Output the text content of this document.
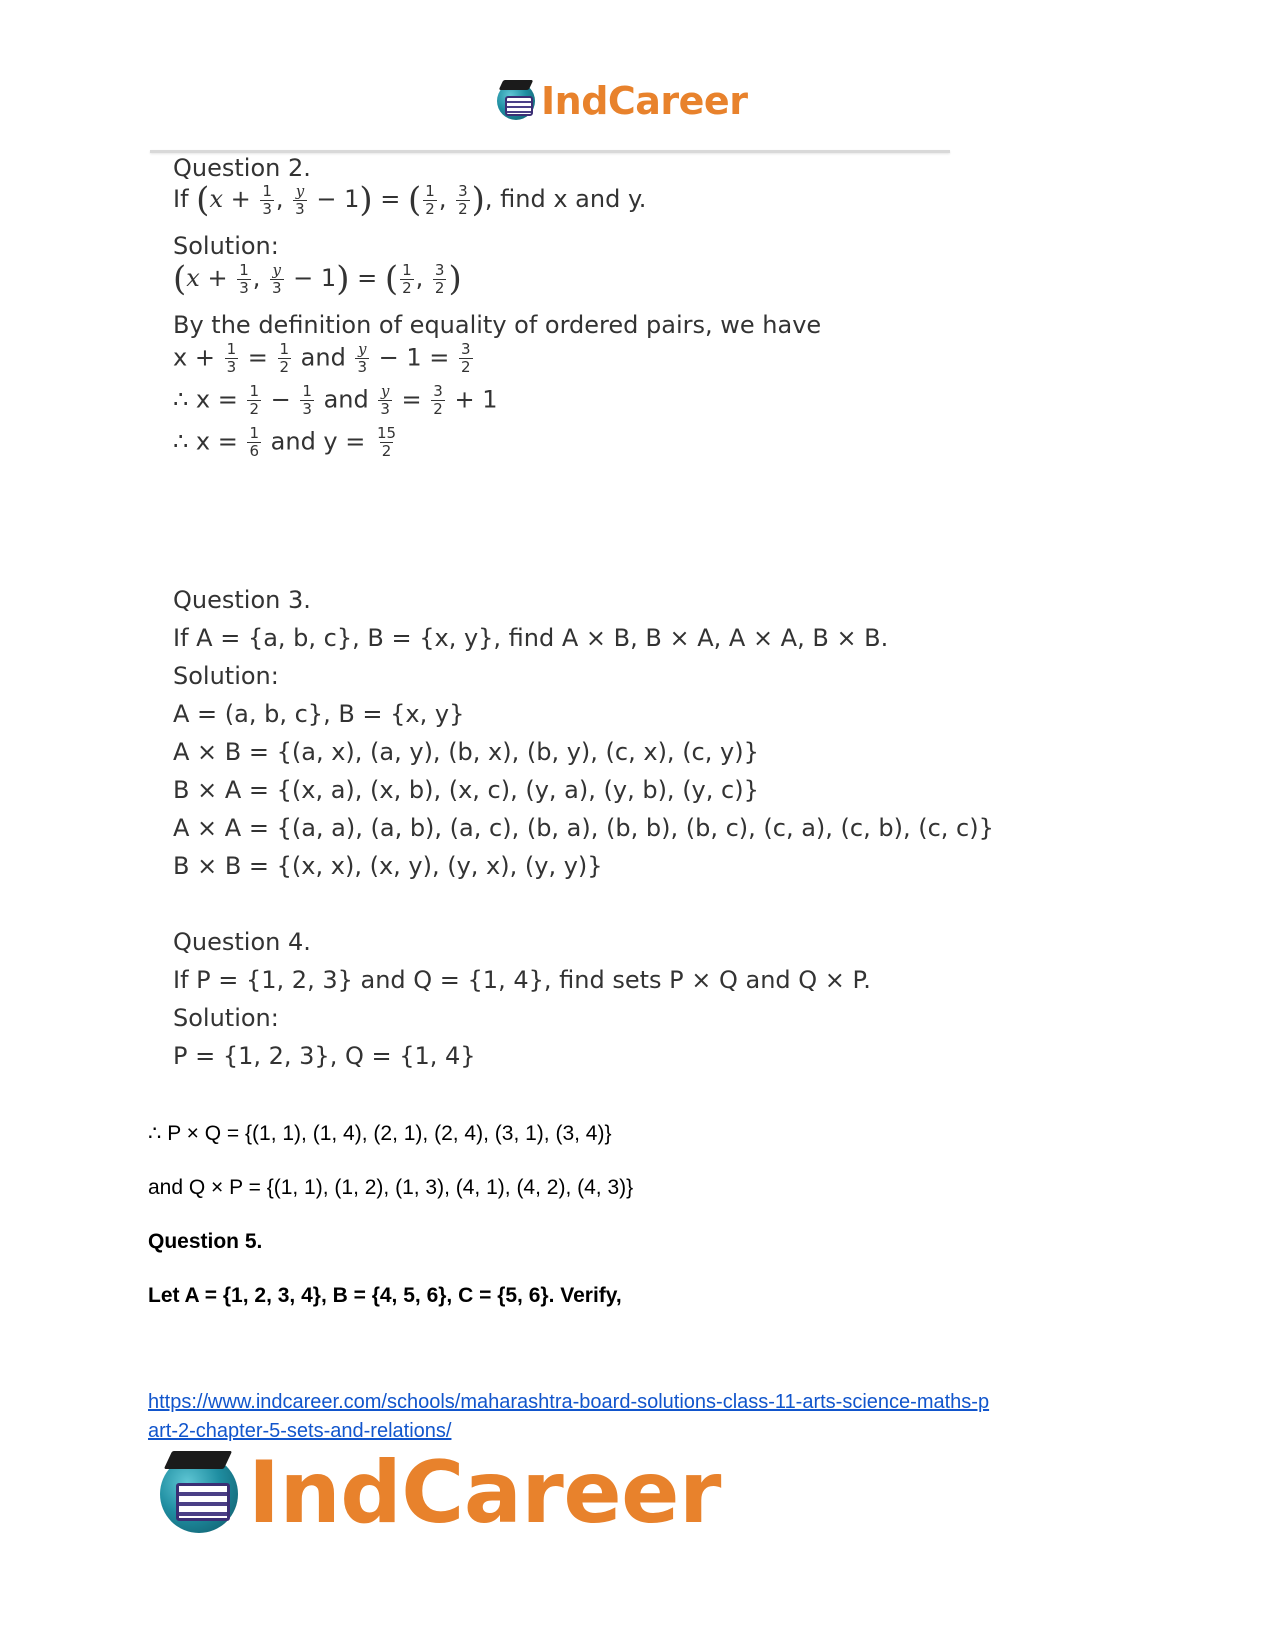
IndCareer
Question 2.
If ($x + \frac{1}{3}$ , $\frac{y}{3} - 1$) = ( $\frac{1}{2}$ , $\frac{3}{2}$ ), find x and y.
Solution:
($x + \frac{1}{3}$ , $\frac{y}{3} - 1$) = ( $\frac{1}{2}$ , $\frac{3}{2}$ )
By the definition of equality of ordered pairs, we have
$x + \frac{1}{3} = \frac{1}{2}$ and $\frac{y}{3} - 1 = \frac{3}{2}$
∴ $x = \frac{1}{2} - \frac{1}{3}$ and $\frac{y}{3} = \frac{3}{2} + 1$
∴ $x = \frac{1}{6}$ and $y = \frac{15}{2}$
Question 3.
If A = {a, b, c}, B = {x, y}, find A × B, B × A, A × A, B × B.
Solution:
A = (a, b, c}, B = {x, y}
A × B = {(a, x), (a, y), (b, x), (b, y), (c, x), (c, y)}
B × A = {(x, a), (x, b), (x, c), (y, a), (y, b), (y, c)}
A × A = {(a, a), (a, b), (a, c), (b, a), (b, b), (b, c), (c, a), (c, b), (c, c)}
B × B = {(x, x), (x, y), (y, x), (y, y)}
Question 4.
If P = {1, 2, 3} and Q = {1, 4}, find sets P × Q and Q × P.
Solution:
P = {1, 2, 3}, Q = {1, 4}
∴ P × Q = {(1, 1), (1, 4), (2, 1), (2, 4), (3, 1), (3, 4)}
and Q × P = {(1, 1), (1, 2), (1, 3), (4, 1), (4, 2), (4, 3)}
Question 5.
Let A = {1, 2, 3, 4}, B = {4, 5, 6}, C = {5, 6}. Verify,
https://www.indcareer.com/schools/maharashtra-board-solutions-class-11-arts-science-maths-p
art-2-chapter-5-sets-and-relations/
IndCareer
